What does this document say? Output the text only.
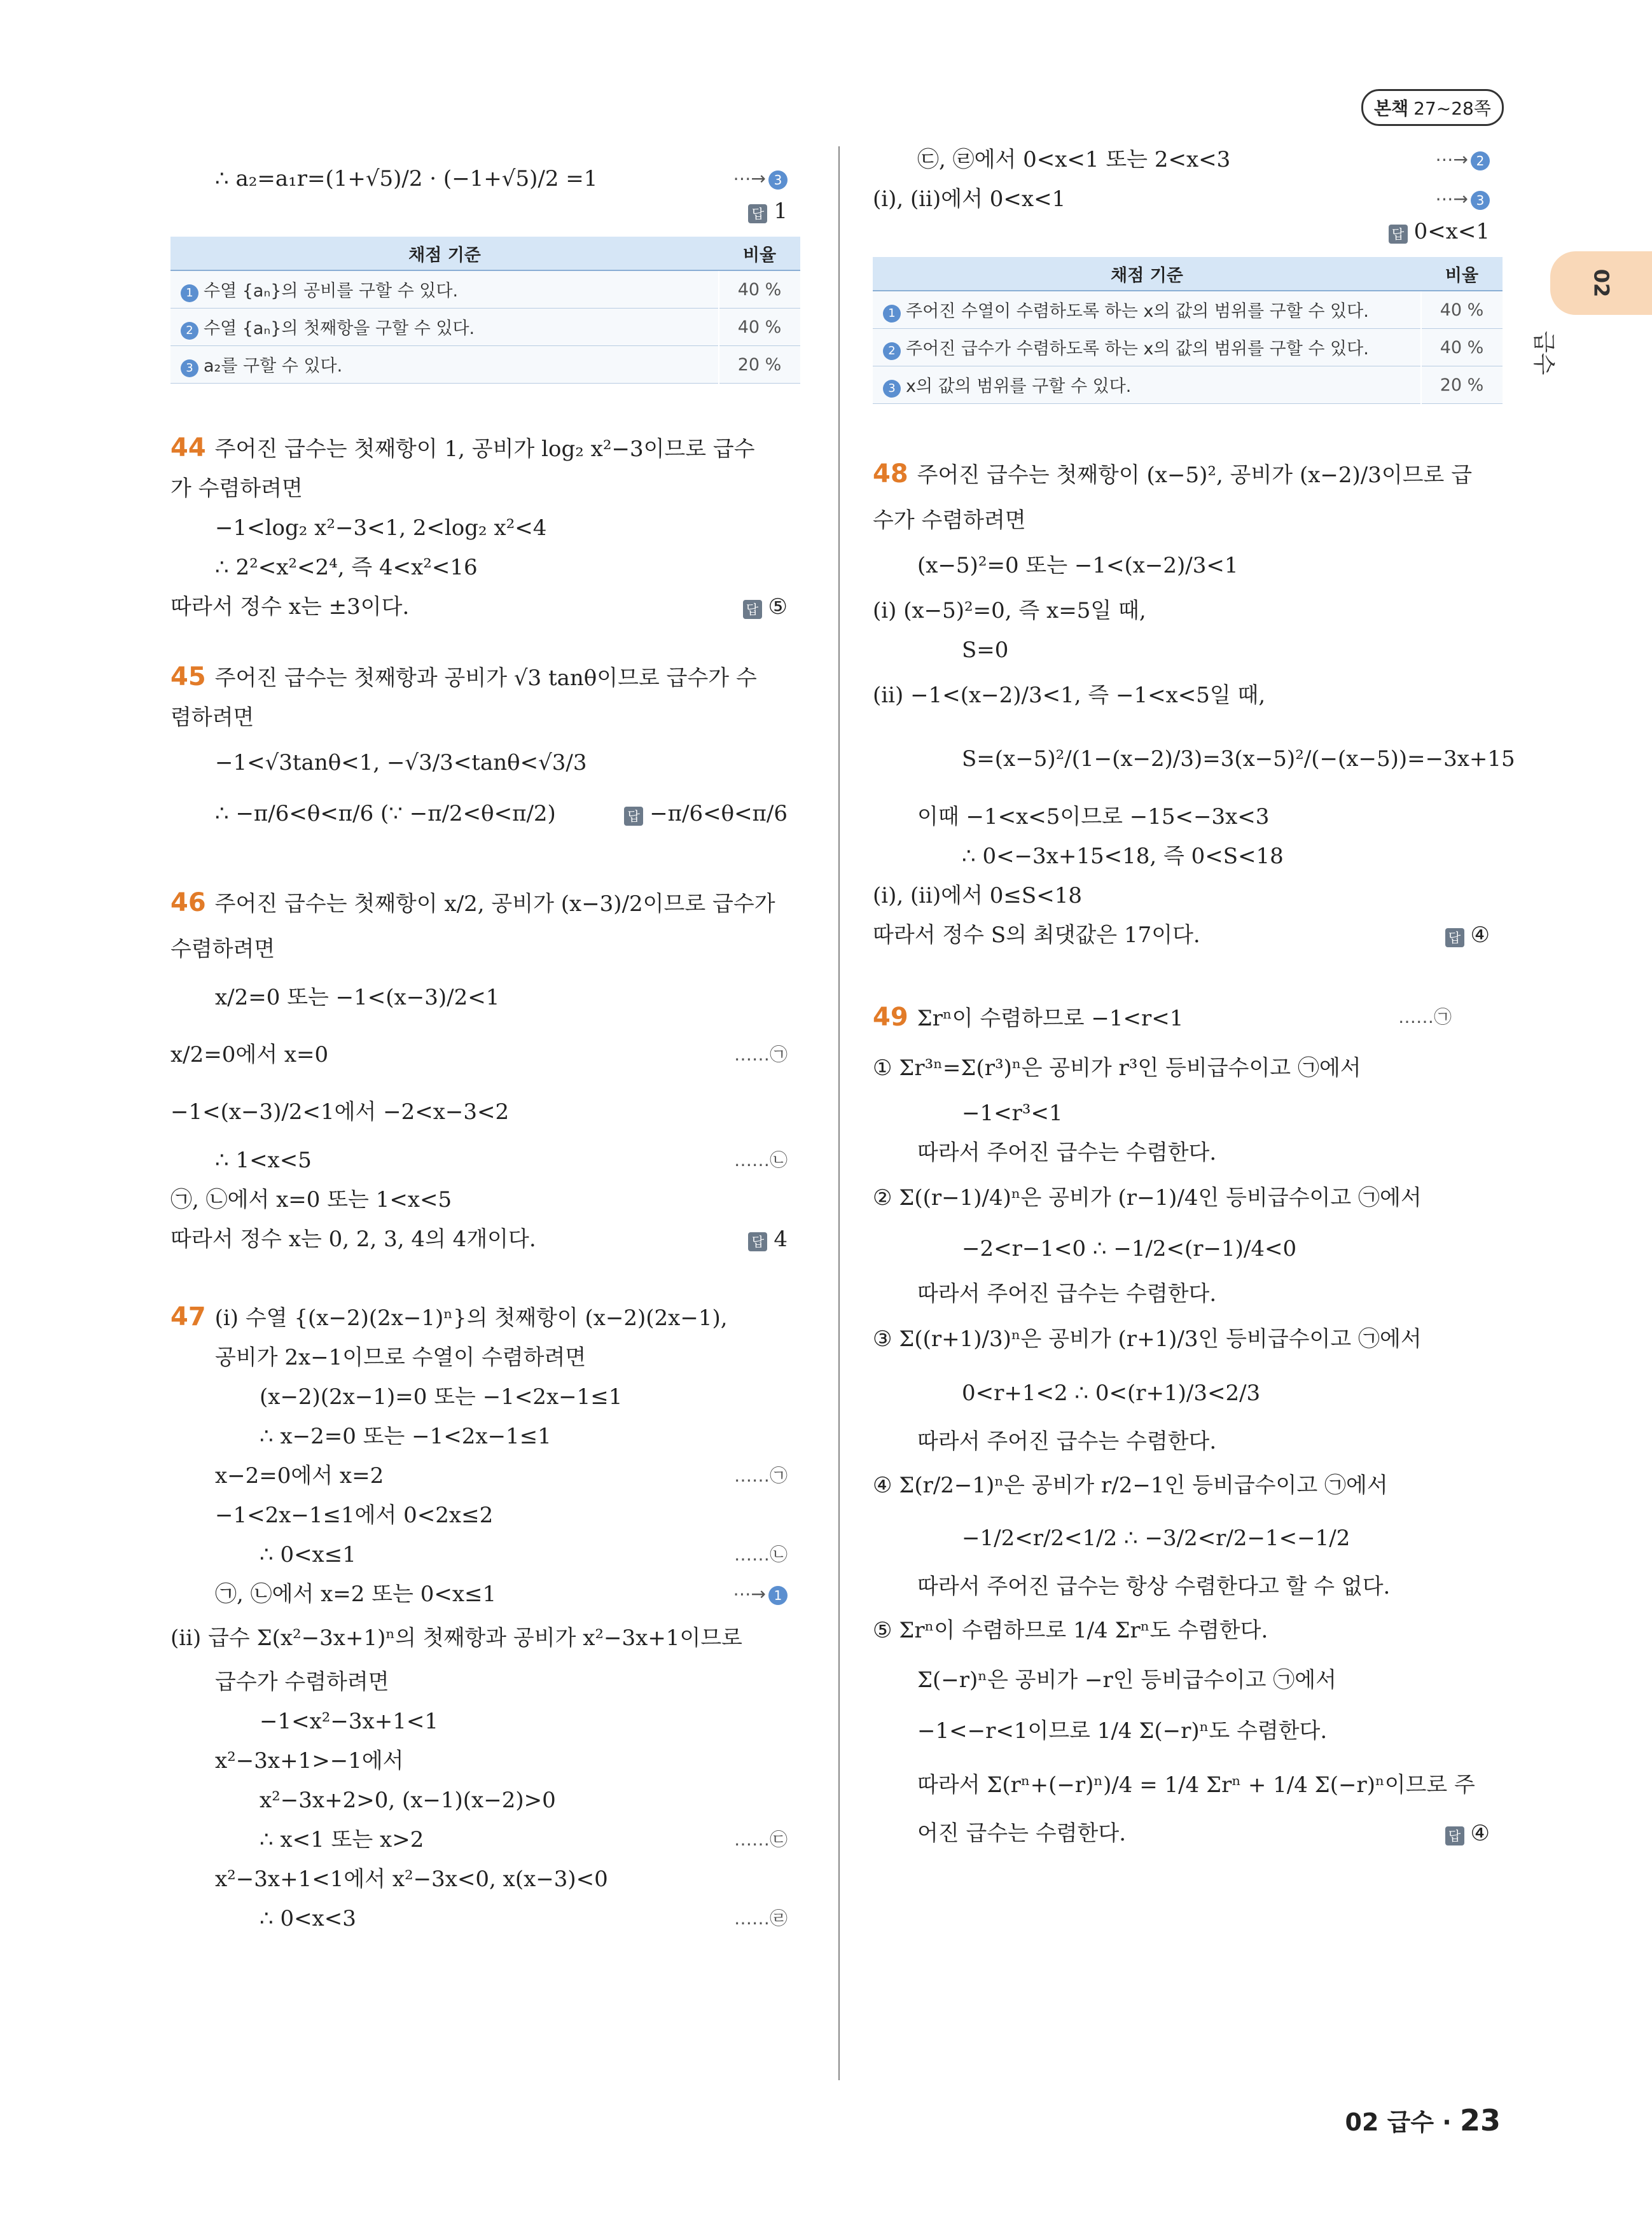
본책 27~28쪽
02
급수
∴ a₂=a₁r=(1+√5)/2 · (−1+√5)/2 =1	⋯→ 3
답 1
채점 기준	비율
1 수열 {aₙ}의 공비를 구할 수 있다.	40 %
2 수열 {aₙ}의 첫째항을 구할 수 있다.	40 %
3 a₂를 구할 수 있다.	20 %
44 주어진 급수는 첫째항이 1, 공비가 log₂ x²−3이므로 급수
가 수렴하려면
−1<log₂ x²−3<1, 2<log₂ x²<4
∴ 2²<x²<2⁴, 즉 4<x²<16
따라서 정수 x는 ±3이다.	답 ⑤
45 주어진 급수는 첫째항과 공비가 √3 tanθ이므로 급수가 수
렴하려면
−1<√3tanθ<1, −√3/3<tanθ<√3/3
∴ −π/6<θ<π/6 (∵ −π/2<θ<π/2)	답 −π/6<θ<π/6
46 주어진 급수는 첫째항이 x/2, 공비가 (x−3)/2이므로 급수가
수렴하려면
x/2=0 또는 −1<(x−3)/2<1
x/2=0에서 x=0	……㉠
−1<(x−3)/2<1에서 −2<x−3<2
∴ 1<x<5	……㉡
㉠, ㉡에서 x=0 또는 1<x<5
따라서 정수 x는 0, 2, 3, 4의 4개이다.	답 4
47 (i) 수열 {(x−2)(2x−1)ⁿ}의 첫째항이 (x−2)(2x−1),
공비가 2x−1이므로 수열이 수렴하려면
(x−2)(2x−1)=0 또는 −1<2x−1≤1
∴ x−2=0 또는 −1<2x−1≤1
x−2=0에서 x=2	……㉠
−1<2x−1≤1에서 0<2x≤2
∴ 0<x≤1	……㉡
㉠, ㉡에서 x=2 또는 0<x≤1	⋯→ 1
(ii) 급수 Σ(x²−3x+1)ⁿ의 첫째항과 공비가 x²−3x+1이므로
급수가 수렴하려면
−1<x²−3x+1<1
x²−3x+1>−1에서
x²−3x+2>0, (x−1)(x−2)>0
∴ x<1 또는 x>2	……㉢
x²−3x+1<1에서 x²−3x<0, x(x−3)<0
∴ 0<x<3	……㉣
㉢, ㉣에서 0<x<1 또는 2<x<3	⋯→ 2
(i), (ii)에서 0<x<1	⋯→ 3
답 0<x<1
채점 기준	비율
1 주어진 수열이 수렴하도록 하는 x의 값의 범위를 구할 수 있다.	40 %
2 주어진 급수가 수렴하도록 하는 x의 값의 범위를 구할 수 있다.	40 %
3 x의 값의 범위를 구할 수 있다.	20 %
48 주어진 급수는 첫째항이 (x−5)², 공비가 (x−2)/3이므로 급
수가 수렴하려면
(x−5)²=0 또는 −1<(x−2)/3<1
(i) (x−5)²=0, 즉 x=5일 때,
S=0
(ii) −1<(x−2)/3<1, 즉 −1<x<5일 때,
S=(x−5)²/(1−(x−2)/3)=3(x−5)²/(−(x−5))=−3x+15
이때 −1<x<5이므로 −15<−3x<3
∴ 0<−3x+15<18, 즉 0<S<18
(i), (ii)에서 0≤S<18
따라서 정수 S의 최댓값은 17이다.	답 ④
49 Σrⁿ이 수렴하므로 −1<r<1	……㉠
① Σr³ⁿ=Σ(r³)ⁿ은 공비가 r³인 등비급수이고 ㉠에서
−1<r³<1
따라서 주어진 급수는 수렴한다.
② Σ((r−1)/4)ⁿ은 공비가 (r−1)/4인 등비급수이고 ㉠에서
−2<r−1<0 ∴ −1/2<(r−1)/4<0
따라서 주어진 급수는 수렴한다.
③ Σ((r+1)/3)ⁿ은 공비가 (r+1)/3인 등비급수이고 ㉠에서
0<r+1<2 ∴ 0<(r+1)/3<2/3
따라서 주어진 급수는 수렴한다.
④ Σ(r/2−1)ⁿ은 공비가 r/2−1인 등비급수이고 ㉠에서
−1/2<r/2<1/2 ∴ −3/2<r/2−1<−1/2
따라서 주어진 급수는 항상 수렴한다고 할 수 없다.
⑤ Σrⁿ이 수렴하므로 1/4 Σrⁿ도 수렴한다.
Σ(−r)ⁿ은 공비가 −r인 등비급수이고 ㉠에서
−1<−r<1이므로 1/4 Σ(−r)ⁿ도 수렴한다.
따라서 Σ(rⁿ+(−r)ⁿ)/4 = 1/4 Σrⁿ + 1/4 Σ(−r)ⁿ이므로 주
어진 급수는 수렴한다.	답 ④
02 급수 · 23
